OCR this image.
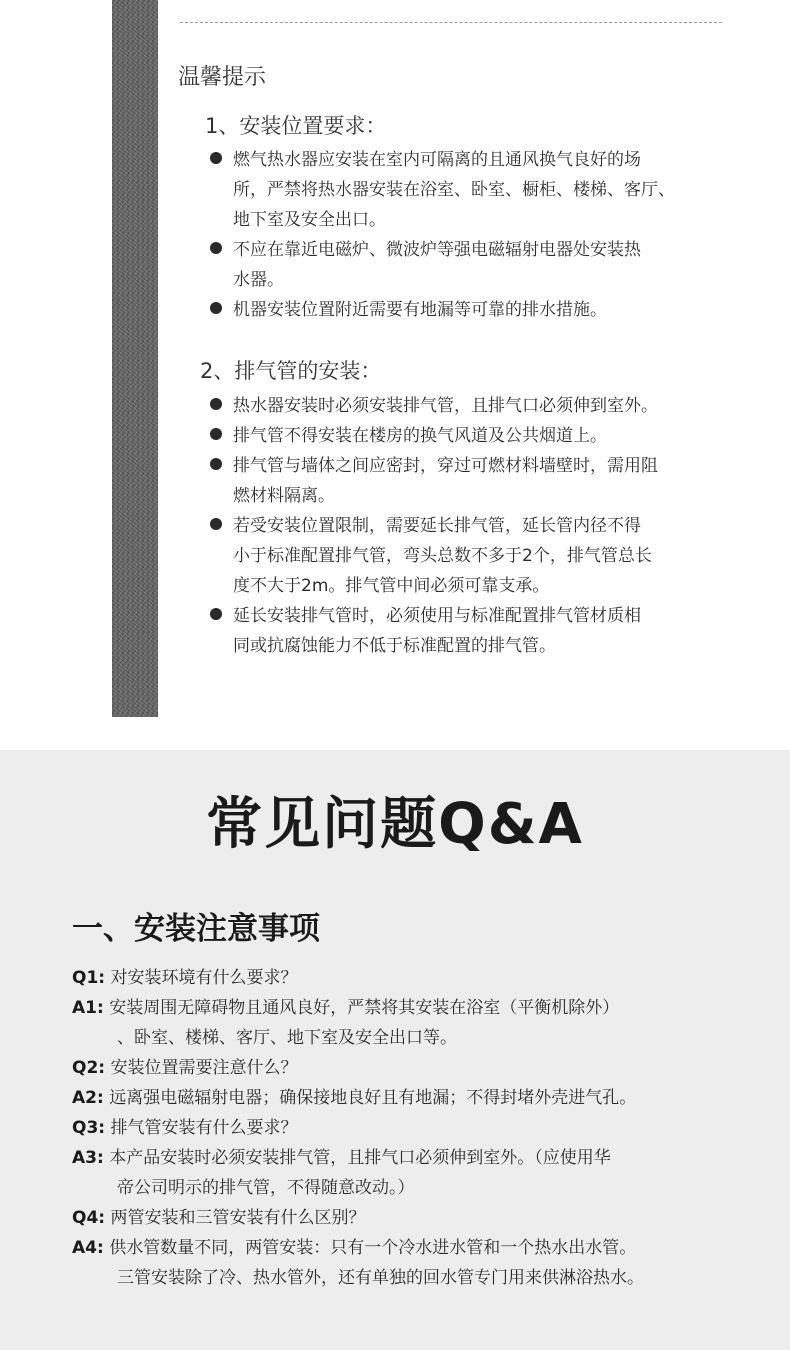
温馨提示
1、安装位置要求：
燃气热水器应安装在室内可隔离的且通风换气良好的场
所，严禁将热水器安装在浴室、卧室、橱柜、楼梯、客厅、
地下室及安全出口。
不应在靠近电磁炉、微波炉等强电磁辐射电器处安装热
水器。
机器安装位置附近需要有地漏等可靠的排水措施。
2、排气管的安装：
热水器安装时必须安装排气管，且排气口必须伸到室外。
排气管不得安装在楼房的换气风道及公共烟道上。
排气管与墙体之间应密封，穿过可燃材料墙壁时，需用阻
燃材料隔离。
若受安装位置限制，需要延长排气管，延长管内径不得
小于标准配置排气管，弯头总数不多于2个，排气管总长
度不大于2m。排气管中间必须可靠支承。
延长安装排气管时，必须使用与标准配置排气管材质相
同或抗腐蚀能力不低于标准配置的排气管。
常见问题Q&A
一、安装注意事项
Q1: 对安装环境有什么要求？
A1: 安装周围无障碍物且通风良好，严禁将其安装在浴室（平衡机除外）
、卧室、楼梯、客厅、地下室及安全出口等。
Q2: 安装位置需要注意什么？
A2: 远离强电磁辐射电器；确保接地良好且有地漏；不得封堵外壳进气孔。
Q3: 排气管安装有什么要求？
A3: 本产品安装时必须安装排气管，且排气口必须伸到室外。（应使用华
帝公司明示的排气管，不得随意改动。）
Q4: 两管安装和三管安装有什么区别？
A4: 供水管数量不同，两管安装：只有一个冷水进水管和一个热水出水管。
三管安装除了冷、热水管外，还有单独的回水管专门用来供淋浴热水。
